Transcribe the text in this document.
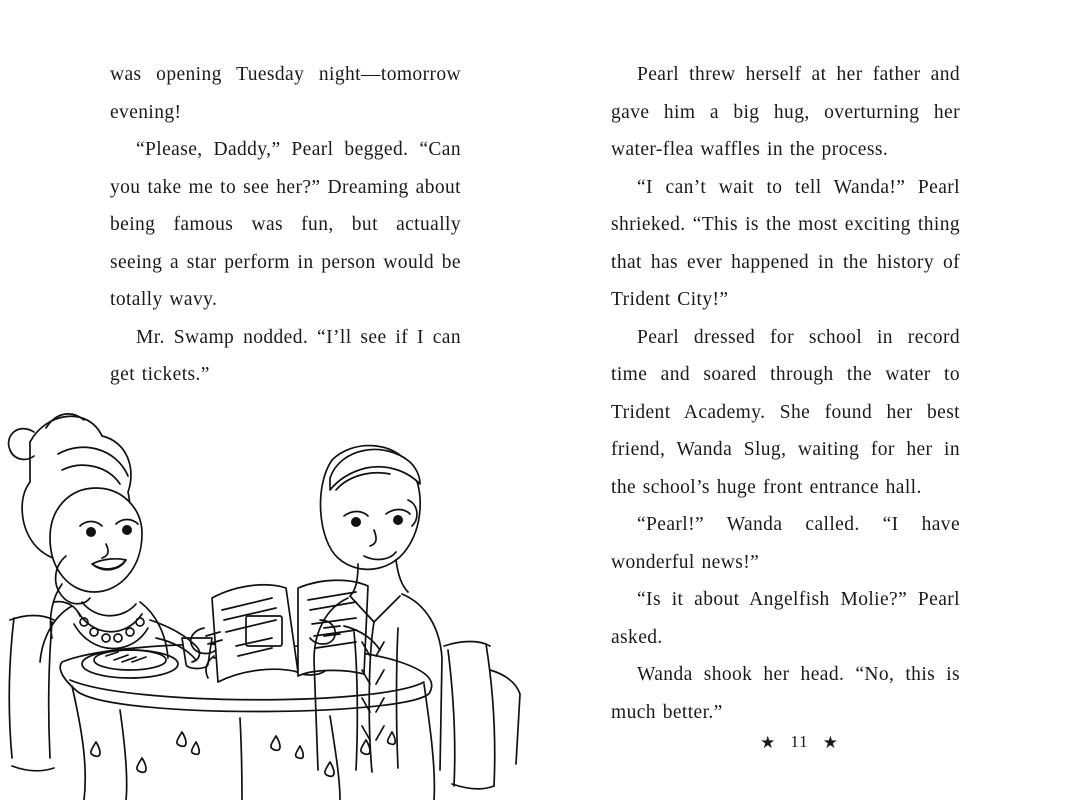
was opening Tuesday night—tomorrow evening!

“Please, Daddy,” Pearl begged. “Can you take me to see her?” Dreaming about being famous was fun, but actually seeing a star perform in person would be totally wavy.

Mr. Swamp nodded. “I’ll see if I can get tickets.”

Pearl threw herself at her father and gave him a big hug, overturning her water-flea waffles in the process.

“I can’t wait to tell Wanda!” Pearl shrieked. “This is the most exciting thing that has ever happened in the history of Trident City!”

Pearl dressed for school in record time and soared through the water to Trident Academy. She found her best friend, Wanda Slug, waiting for her in the school’s huge front entrance hall.

“Pearl!” Wanda called. “I have wonderful news!”

“Is it about Angelfish Molie?” Pearl asked.

Wanda shook her head. “No, this is much better.”

★ 11 ★
